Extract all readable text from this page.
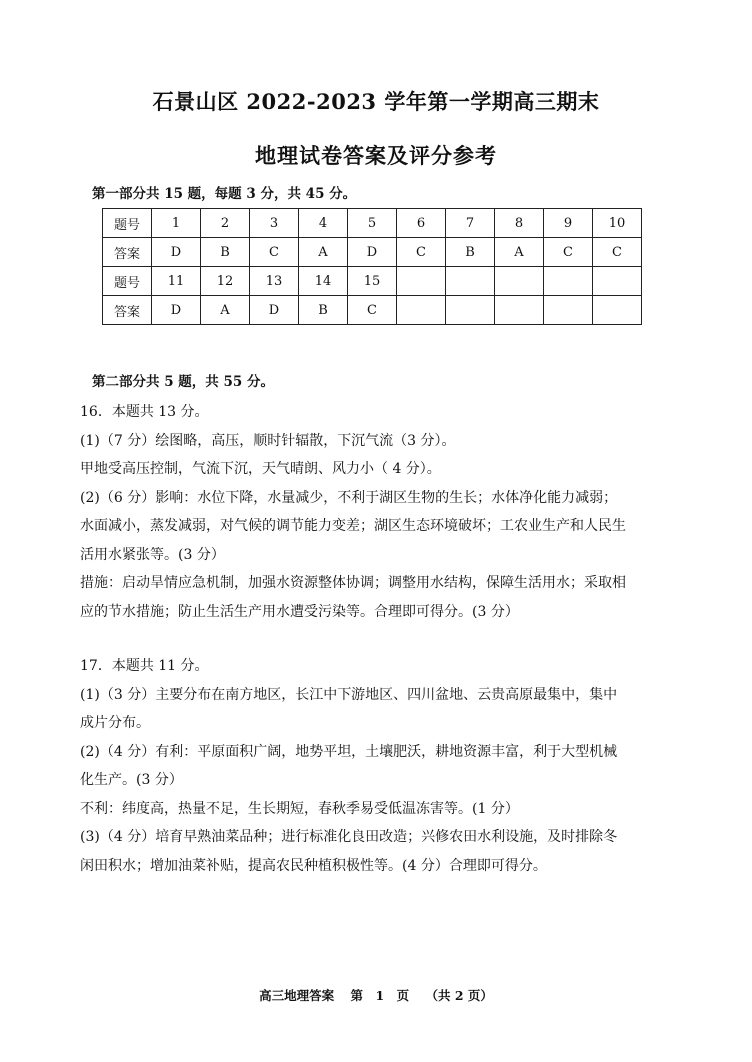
石景山区 2022-2023 学年第一学期高三期末
地理试卷答案及评分参考
第一部分共 15 题，每题 3 分，共 45 分。
题号	1	2	3	4	5	6	7	8	9	10
答案	D	B	C	A	D	C	B	A	C	C
题号	11	12	13	14	15					
答案	D	A	D	B	C					
第二部分共 5 题，共 55 分。

16．本题共 13 分。

(1)（7 分）绘图略，高压，顺时针辐散，下沉气流（3 分）。

甲地受高压控制，气流下沉，天气晴朗、风力小（ 4 分）。

(2)（6 分）影响：水位下降，水量减少，不利于湖区生物的生长；水体净化能力减弱；

水面减小，蒸发减弱，对气候的调节能力变差；湖区生态环境破坏；工农业生产和人民生

活用水紧张等。(3 分）

措施：启动旱情应急机制，加强水资源整体协调；调整用水结构，保障生活用水；采取相

应的节水措施；防止生活生产用水遭受污染等。合理即可得分。(3 分）

17．本题共 11 分。

(1)（3 分）主要分布在南方地区，长江中下游地区、四川盆地、云贵高原最集中，集中

成片分布。

(2)（4 分）有利：平原面积广阔，地势平坦，土壤肥沃，耕地资源丰富，利于大型机械

化生产。(3 分）

不利：纬度高，热量不足，生长期短，春秋季易受低温冻害等。(1 分）

(3)（4 分）培育早熟油菜品种；进行标准化良田改造；兴修农田水利设施，及时排除冬

闲田积水；增加油菜补贴，提高农民种植积极性等。(4 分）合理即可得分。

高三地理答案 第　1　页 （共 2 页）
